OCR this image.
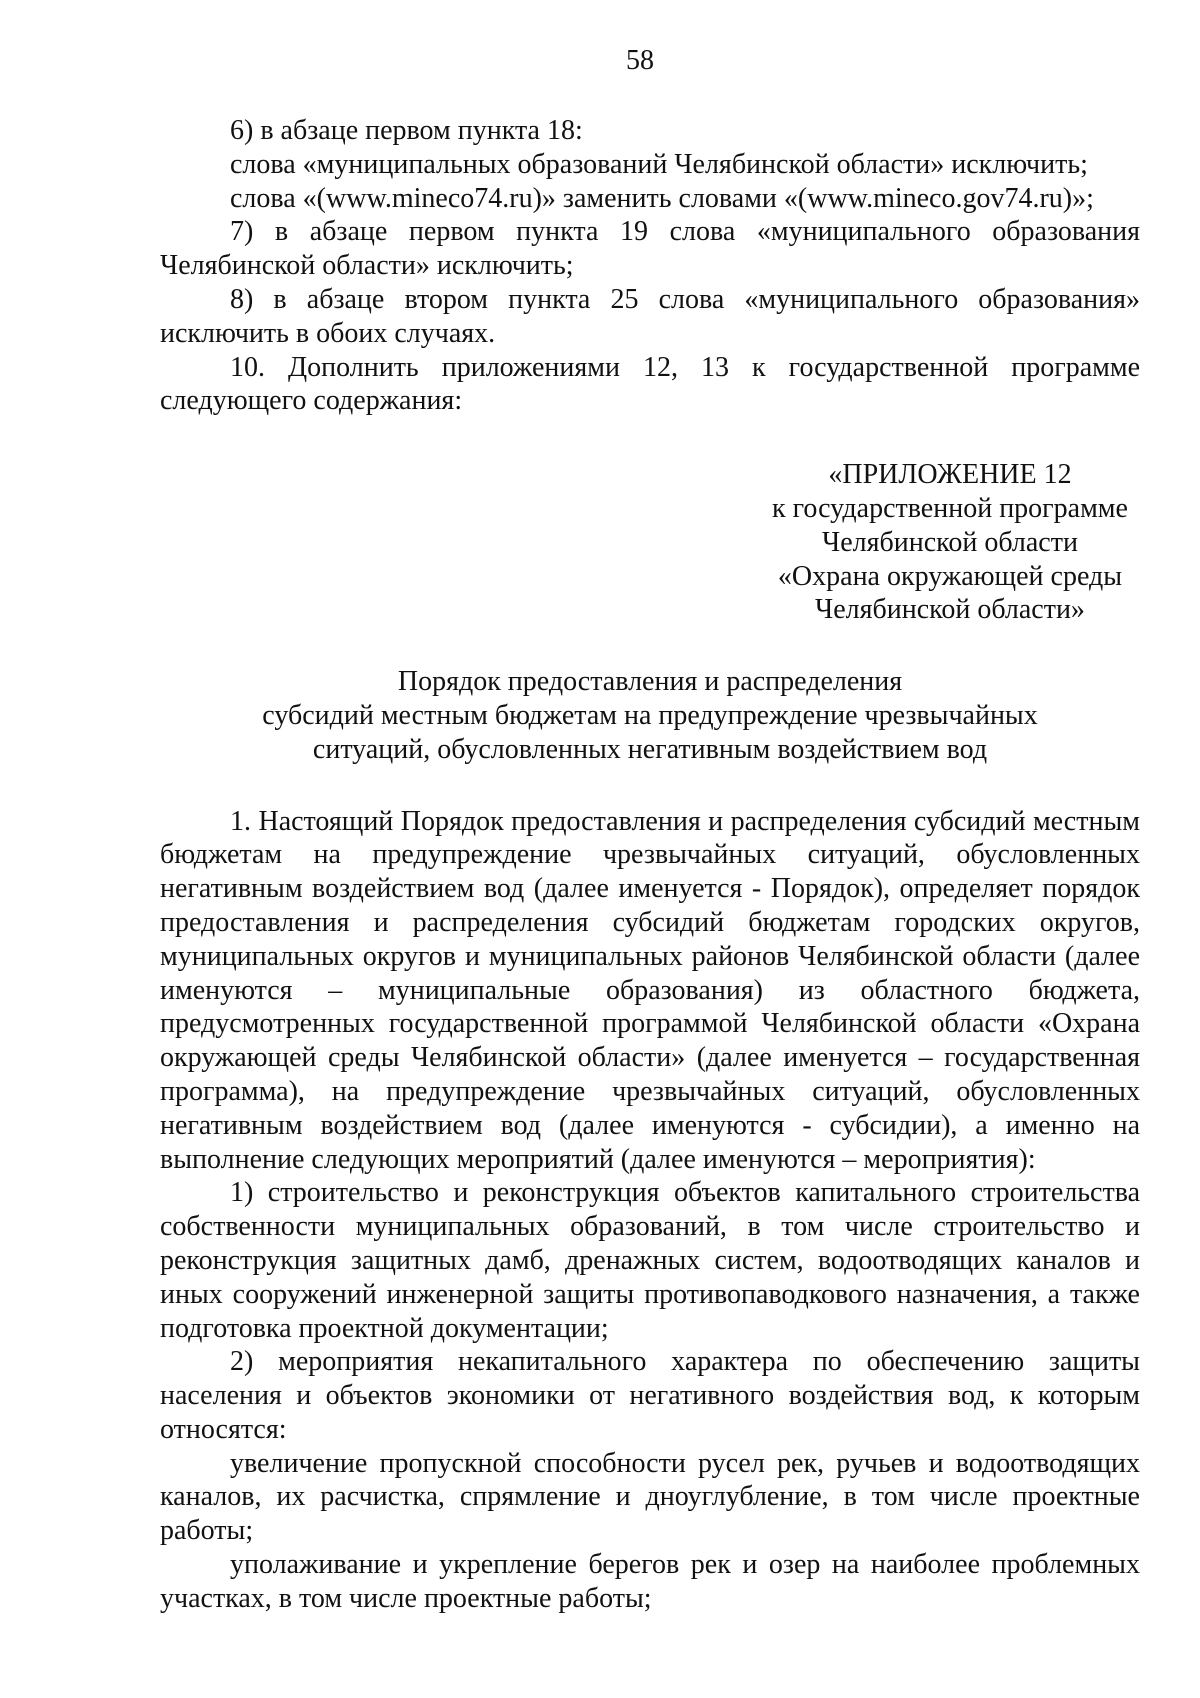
58

6) в абзаце первом пункта 18:

слова «муниципальных образований Челябинской области» исключить;

слова «(www.mineco74.ru)» заменить словами «(www.mineco.gov74.ru)»;

7) в абзаце первом пункта 19 слова «муниципального образования Челябинской области» исключить;

8) в абзаце втором пункта 25 слова «муниципального образования» исключить в обоих случаях.

10. Дополнить приложениями 12, 13 к государственной программе следующего содержания:

«ПРИЛОЖЕНИЕ 12
к государственной программе
Челябинской области
«Охрана окружающей среды
Челябинской области»
Порядок предоставления и распределения
субсидий местным бюджетам на предупреждение чрезвычайных
ситуаций, обусловленных негативным воздействием вод

1. Настоящий Порядок предоставления и распределения субсидий местным бюджетам на предупреждение чрезвычайных ситуаций, обусловленных негативным воздействием вод (далее именуется - Порядок), определяет порядок предоставления и распределения субсидий бюджетам городских округов, муниципальных округов и муниципальных районов Челябинской области (далее именуются – муниципальные образования) из областного бюджета, предусмотренных государственной программой Челябинской области «Охрана окружающей среды Челябинской области» (далее именуется – государственная программа), на предупреждение чрезвычайных ситуаций, обусловленных негативным воздействием вод (далее именуются - субсидии), а именно на выполнение следующих мероприятий (далее именуются – мероприятия):

1) строительство и реконструкция объектов капитального строительства собственности муниципальных образований, в том числе строительство и реконструкция защитных дамб, дренажных систем, водоотводящих каналов и иных сооружений инженерной защиты противопаводкового назначения, а также подготовка проектной документации;

2) мероприятия некапитального характера по обеспечению защиты населения и объектов экономики от негативного воздействия вод, к которым относятся:

увеличение пропускной способности русел рек, ручьев и водоотводящих каналов, их расчистка, спрямление и дноуглубление, в том числе проектные работы;

уполаживание и укрепление берегов рек и озер на наиболее проблемных участках, в том числе проектные работы;
